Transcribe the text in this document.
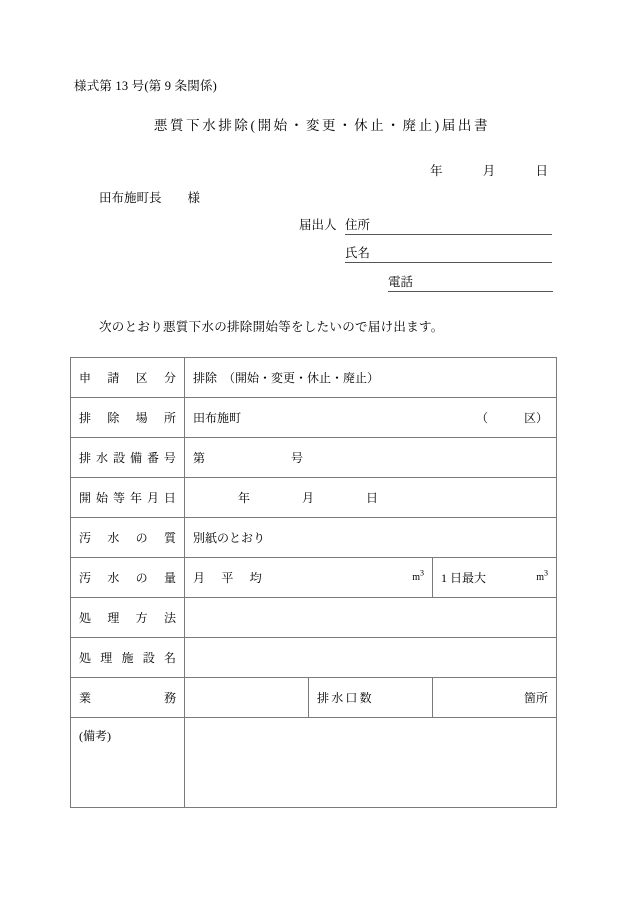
様式第 13 号(第 9 条関係)
悪質下水排除(開始・変更・休止・廃止)届出書
年	月	日
田布施町長 様
届出人 住所
氏名
電話
次のとおり悪質下水の排除開始等をしたいので届け出ます。
申 請 区 分	排除　（開始・変更・休止・廃止）		

排 除 場 所	田布施町 （　　　区）		

排 水 設 備 番 号	第	号

開 始 等 年 月 日	年	月	日

汚 水 の 質	別紙のとおり		

汚 水 の 量	月　平　均 $m^3$		1 日最大 $m^3$

処 理 方 法			

処 理 施 設 名			

業 務		排水口数	箇所
(備考)			
